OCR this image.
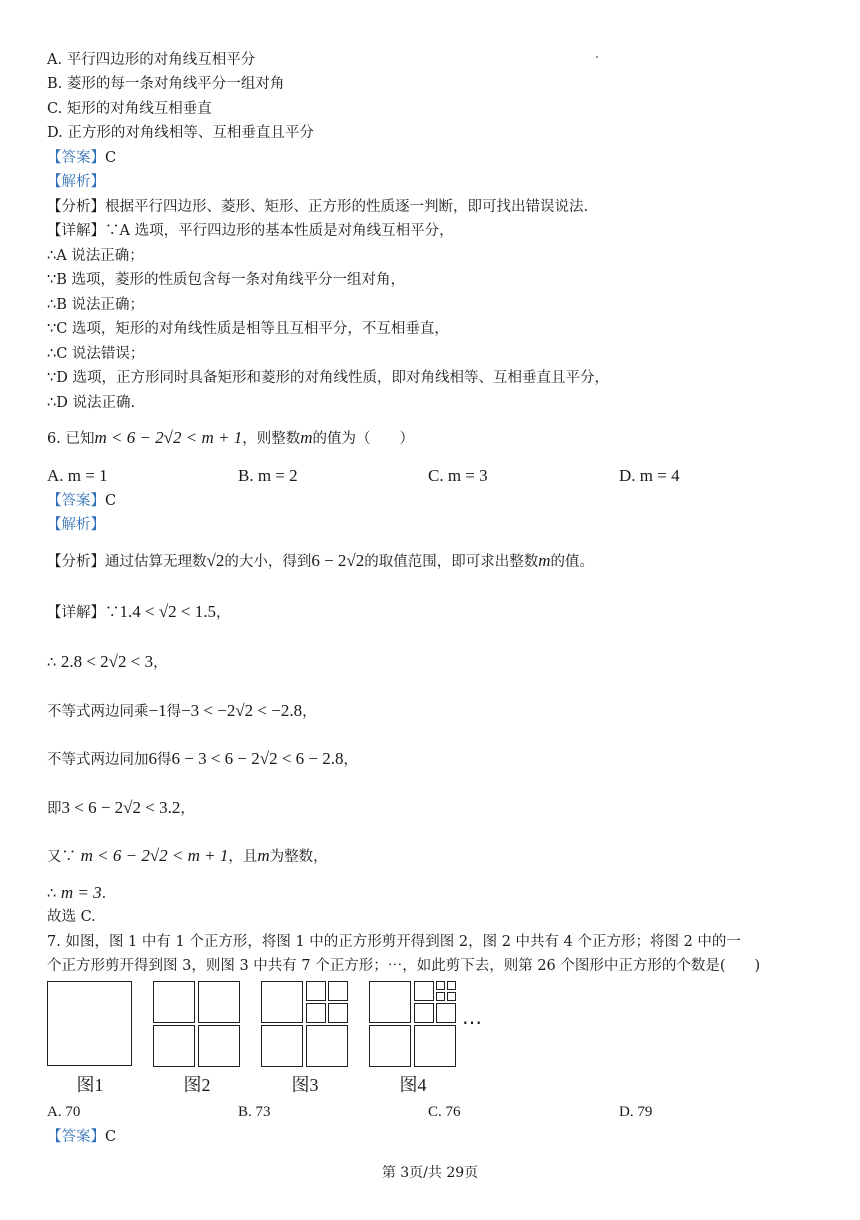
A. 平行四边形的对角线互相平分
B. 菱形的每一条对角线平分一组对角
C. 矩形的对角线互相垂直
D. 正方形的对角线相等、互相垂直且平分
【答案】C
【解析】
【分析】根据平行四边形、菱形、矩形、正方形的性质逐一判断，即可找出错误说法.
【详解】∵A 选项，平行四边形的基本性质是对角线互相平分，
∴A 说法正确；
∵B 选项，菱形的性质包含每一条对角线平分一组对角，
∴B 说法正确；
∵C 选项，矩形的对角线性质是相等且互相平分，不互相垂直，
∴C 说法错误；
∵D 选项，正方形同时具备矩形和菱形的对角线性质，即对角线相等、互相垂直且平分，
∴D 说法正确.
6. 已知m < 6 − 2√2 < m + 1，则整数m的值为（　　）
A. m = 1	B. m = 2	C. m = 3	D. m = 4
【答案】C
【解析】
【分析】通过估算无理数√2的大小，得到6 − 2√2的取值范围，即可求出整数m的值。
【详解】∵1.4 < √2 < 1.5，
∴ 2.8 < 2√2 < 3，
不等式两边同乘−1得−3 < −2√2 < −2.8，
不等式两边同加6得6 − 3 < 6 − 2√2 < 6 − 2.8，
即3 < 6 − 2√2 < 3.2，
又∵ m < 6 − 2√2 < m + 1，且m为整数，
∴ m = 3.
故选 C.
7. 如图，图 1 中有 1 个正方形，将图 1 中的正方形剪开得到图 2，图 2 中共有 4 个正方形；将图 2 中的一
个正方形剪开得到图 3，则图 3 中共有 7 个正方形；⋯，如此剪下去，则第 26 个图形中正方形的个数是(　　)
⋯
图1	图2	图3	图4
A. 70	B. 73	C. 76	D. 79
【答案】C
第 3页/共 29页
